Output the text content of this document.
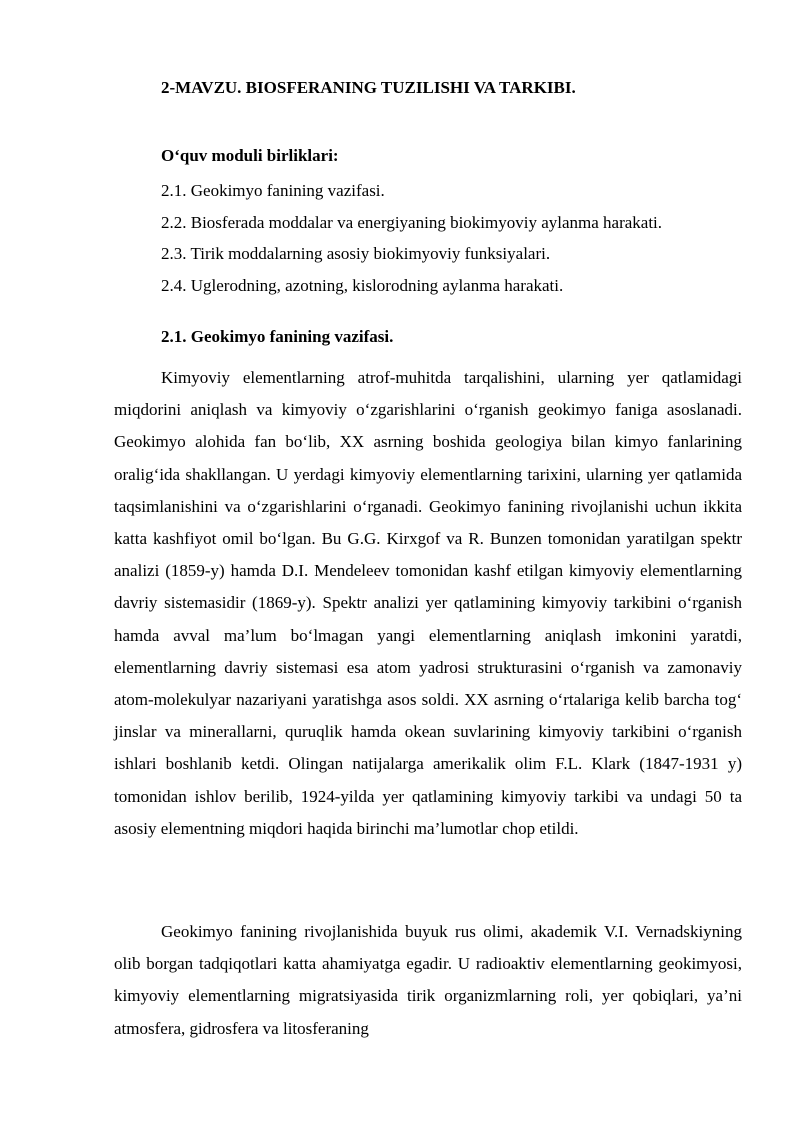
2-MAVZU. BIOSFERANING TUZILISHI VA TARKIBI.
O‘quv moduli birliklari:
2.1. Geokimyo fanining vazifasi.
2.2. Biosferada moddalar va energiyaning biokimyoviy aylanma harakati.
2.3. Tirik moddalarning asosiy biokimyoviy funksiyalari.
2.4. Uglerodning, azotning, kislorodning aylanma harakati.
2.1. Geokimyo fanining vazifasi.

Kimyoviy elementlarning atrof-muhitda tarqalishini, ularning yer qatlamidagi miqdorini aniqlash va kimyoviy o‘zgarishlarini o‘rganish geokimyo faniga asoslanadi. Geokimyo alohida fan bo‘lib, XX asrning boshida geologiya bilan kimyo fanlarining oralig‘ida shakllangan. U yerdagi kimyoviy elementlarning tarixini, ularning yer qatlamida taqsimlanishini va o‘zgarishlarini o‘rganadi. Geokimyo fanining rivojlanishi uchun ikkita katta kashfiyot omil bo‘lgan. Bu G.G. Kirxgof va R. Bunzen tomonidan yaratilgan spektr analizi (1859-y) hamda D.I. Mendeleev tomonidan kashf etilgan kimyoviy elementlarning davriy sistemasidir (1869-y). Spektr analizi yer qatlamining kimyoviy tarkibini o‘rganish hamda avval ma’lum bo‘lmagan yangi elementlarning aniqlash imkonini yaratdi, elementlarning davriy sistemasi esa atom yadrosi strukturasini o‘rganish va zamonaviy atom-molekulyar nazariyani yaratishga asos soldi. XX asrning o‘rtalariga kelib barcha tog‘ jinslar va minerallarni, quruqlik hamda okean suvlarining kimyoviy tarkibini o‘rganish ishlari boshlanib ketdi. Olingan natijalarga amerikalik olim F.L. Klark (1847-1931 y) tomonidan ishlov berilib, 1924-yilda yer qatlamining kimyoviy tarkibi va undagi 50 ta asosiy elementning miqdori haqida birinchi ma’lumotlar chop etildi.

Geokimyo fanining rivojlanishida buyuk rus olimi, akademik V.I. Vernadskiyning olib borgan tadqiqotlari katta ahamiyatga egadir. U radioaktiv elementlarning geokimyosi, kimyoviy elementlarning migratsiyasida tirik organizmlarning roli, yer qobiqlari, ya’ni atmosfera, gidrosfera va litosferaning
